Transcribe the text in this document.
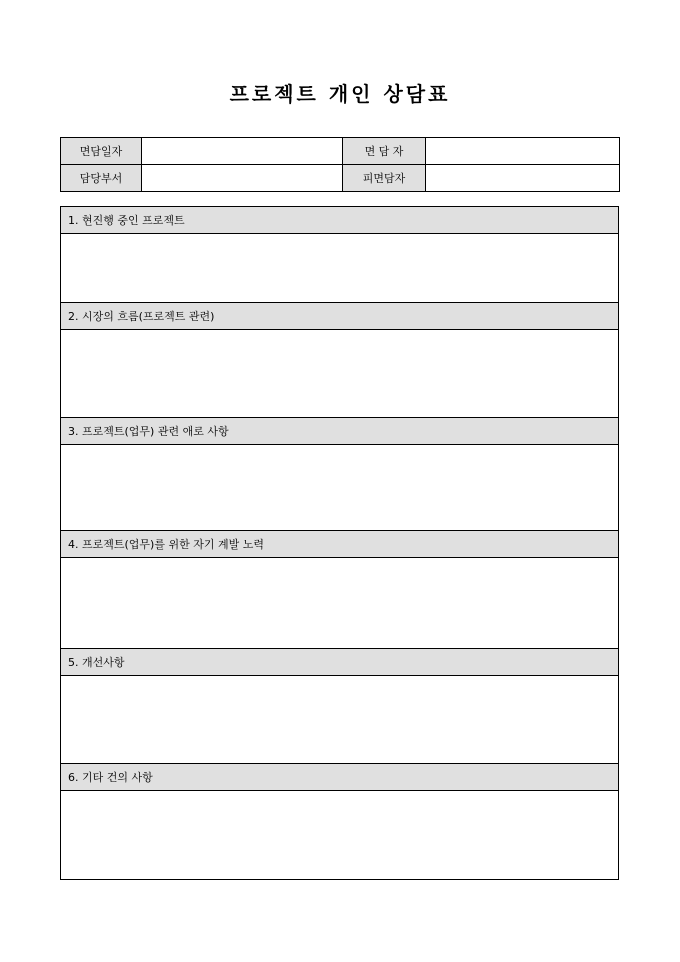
프로젝트 개인 상담표
면담일자		면 담 자	
담당부서		피면담자	
1. 현진행 중인 프로젝트
2. 시장의 흐름(프로젝트 관련)
3. 프로젝트(업무) 관련 애로 사항
4. 프로젝트(업무)를 위한 자기 계발 노력
5. 개선사항
6. 기타 건의 사항
